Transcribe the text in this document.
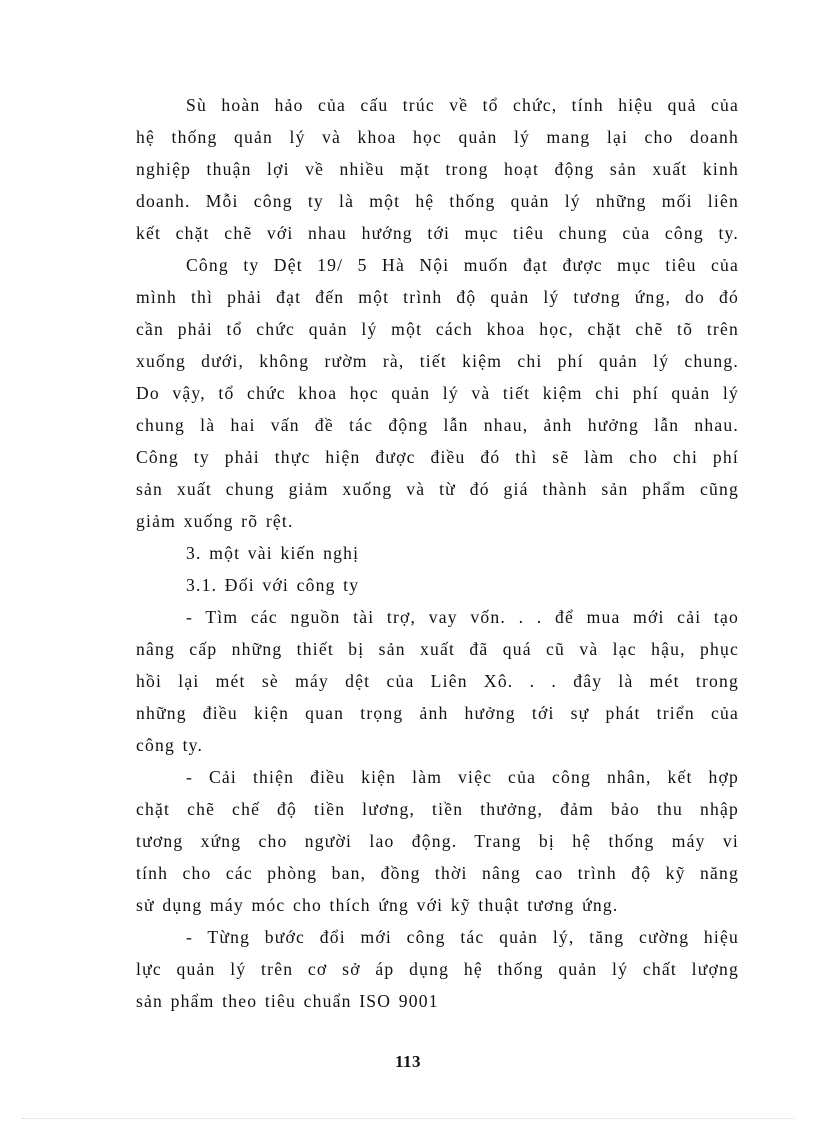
Sù hoàn hảo của cấu trúc về tổ chức, tính hiệu quả của
hệ thống quản lý và khoa học quản lý mang lại cho doanh
nghiệp thuận lợi về nhiều mặt trong hoạt động sản xuất kinh
doanh. Mỗi công ty là một hệ thống quản lý những mối liên
kết chặt chẽ với nhau hướng tới mục tiêu chung của công ty.
Công ty Dệt 19/ 5 Hà Nội muốn đạt được mục tiêu của
mình thì phải đạt đến một trình độ quản lý tương ứng, do đó
cần phải tổ chức quản lý một cách khoa học, chặt chẽ tõ trên
xuống dưới, không rườm rà, tiết kiệm chi phí quản lý chung.
Do vậy, tổ chức khoa học quản lý và tiết kiệm chi phí quản lý
chung là hai vấn đề tác động lẫn nhau, ảnh hưởng lẫn nhau.
Công ty phải thực hiện được điều đó thì sẽ làm cho chi phí
sản xuất chung giảm xuống và từ đó giá thành sản phẩm cũng
giảm xuống rõ rệt.
3. một vài kiến nghị
3.1. Đối với công ty
- Tìm các nguồn tài trợ, vay vốn. . . để mua mới cải tạo
nâng cấp những thiết bị sản xuất đã quá cũ và lạc hậu, phục
hồi lại mét sè máy dệt của Liên Xô. . . đây là mét trong
những điều kiện quan trọng ảnh hưởng tới sự phát triển của
công ty.
- Cải thiện điều kiện làm việc của công nhân, kết hợp
chặt chẽ chế độ tiền lương, tiền thưởng, đảm bảo thu nhập
tương xứng cho người lao động. Trang bị hệ thống máy vi
tính cho các phòng ban, đồng thời nâng cao trình độ kỹ năng
sử dụng máy móc cho thích ứng với kỹ thuật tương ứng.
- Từng bước đổi mới công tác quản lý, tăng cường hiệu
lực quản lý trên cơ sở áp dụng hệ thống quản lý chất lượng
sản phẩm theo tiêu chuẩn ISO 9001
113
